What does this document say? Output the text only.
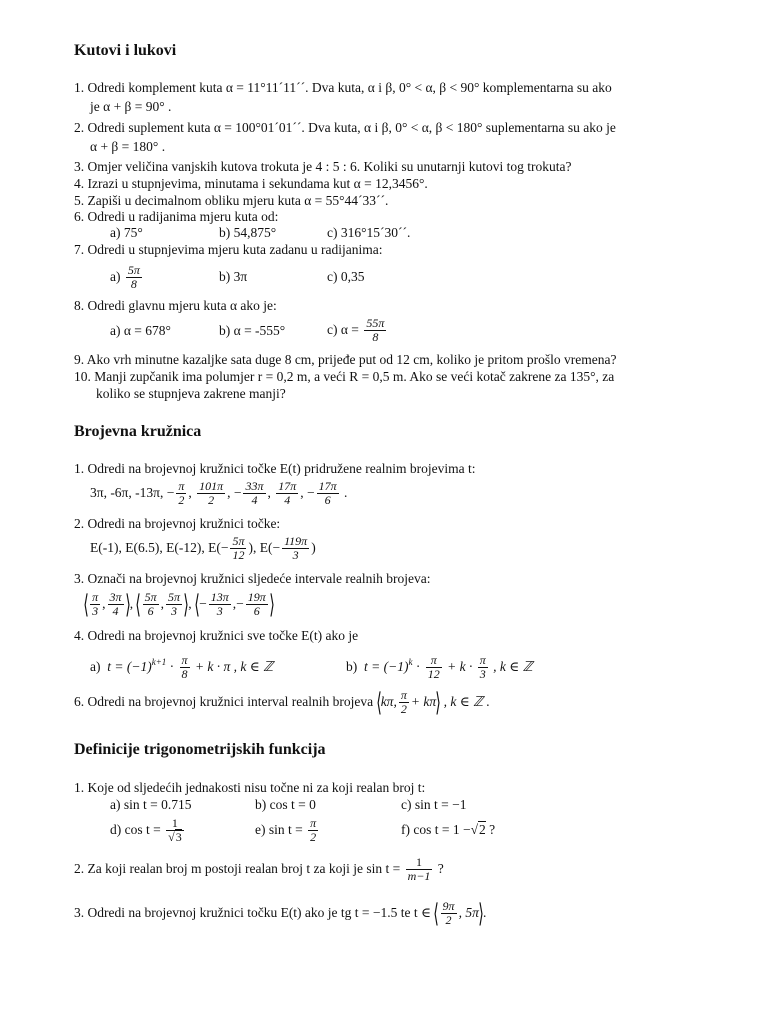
Kutovi i lukovi
1. Odredi komplement kuta α = 11°11´11´´. Dva kuta, α i β, 0° < α, β < 90° komplementarna su ako
je α + β = 90° .
2. Odredi suplement kuta α = 100°01´01´´. Dva kuta, α i β, 0° < α, β < 180° suplementarna su ako je
α + β = 180° .
3. Omjer veličina vanjskih kutova trokuta je 4 : 5 : 6. Koliki su unutarnji kutovi tog trokuta?
4. Izrazi u stupnjevima, minutama i sekundama kut α = 12,3456°.
5. Zapiši u decimalnom obliku mjeru kuta α = 55°44´33´´.
6. Odredi u radijanima mjeru kuta od:
a) 75°	b) 54,875°	c) 316°15´30´´.
7. Odredi u stupnjevima mjeru kuta zadanu u radijanima:
$a) \frac{5\pi}{8}$	b) 3π	c) 0,35
8. Odredi glavnu mjeru kuta α ako je:
a) α = 678°	b) α = -555°	c) $\alpha = \frac{55\pi}{8}$
9. Ako vrh minutne kazaljke sata duge 8 cm, prijeđe put od 12 cm, koliko je pritom prošlo vremena?
10. Manji zupčanik ima polumjer r = 0,2 m, a veći R = 0,5 m. Ako se veći kotač zakrene za 135°, za
koliko se stupnjeva zakrene manji?
Brojevna kružnica
1. Odredi na brojevnoj kružnici točke E(t) pridružene realnim brojevima t:
3π, -6π, -13π, − $\frac{\pi}{2}$ , $\frac{101\pi}{2}$ , − $\frac{33\pi}{4}$ , $\frac{17\pi}{4}$ , − $\frac{17\pi}{6}$ .
2. Odredi na brojevnoj kružnici točke:
E(-1), E(6.5), E(-12), $E(- \frac{5\pi}{12}$ ), $E(- \frac{119\pi}{3}$ )
3. Označi na brojevnoj kružnici sljedeće intervale realnih brojeva:
⟨ $\frac{\pi}{3}$ , $\frac{3\pi}{4}$ ⟩, ⟨ $\frac{5\pi}{6}$ , $\frac{5\pi}{3}$ ⟩, ⟨− $\frac{13\pi}{3}$ ,− $\frac{19\pi}{6}$ ⟩
4. Odredi na brojevnoj kružnici sve točke E(t) ako je
a) $t = (-1)^{k+1} \cdot \frac{\pi}{8} + k \cdot \pi$ , k ∈ ℤ	b) $t = (-1)^k \cdot \frac{\pi}{12} + k \cdot \frac{\pi}{3}$ , k ∈ ℤ
6. Odredi na brojevnoj kružnici interval realnih brojeva ⟨kπ, $\frac{\pi}{2}$ + kπ⟩ , k ∈ ℤ .
Definicije trigonometrijskih funkcija
1. Koje od sljedećih jednakosti nisu točne ni za koji realan broj t:
a) sin t = 0.715	b) cos t = 0	c) sin t = −1
d) $\cos t = \frac{1}{√3}$	e) $\sin t = \frac{\pi}{2}$	f) cos t = 1 −√2 ?
2. Za koji realan broj m postoji realan broj t za koji je $\sin t = \frac{1}{m-1}$ ?
3. Odredi na brojevnoj kružnici točku E(t) ako je tg t = −1.5 te t ∈ ⟨ $\frac{9\pi}{2}$ , 5π⟩.
